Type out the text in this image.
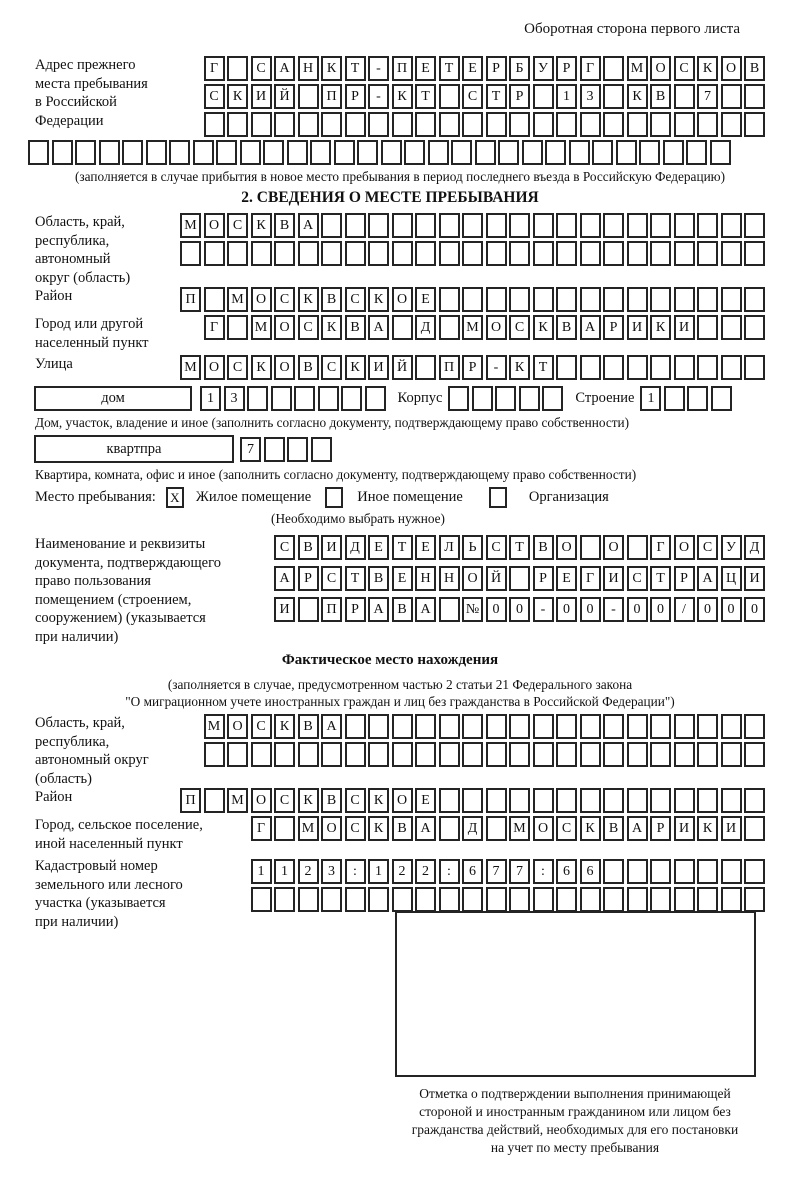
Оборотная сторона первого листа
Адрес прежнего
места пребывания
в Российской
Федерации
Г	С А Н К	Т	-	П	Е	Т	Е	Р	Б	У	Р	Г	М О С	К О В
С	К И Й	П	Р	-	К	Т	С	Т	Р	1	3	К	В	7
(заполняется в случае прибытия в новое место пребывания в период последнего въезда в Российскую Федерацию)
2. СВЕДЕНИЯ О МЕСТЕ ПРЕБЫВАНИЯ
Область, край,
республика,
автономный
округ (область)
М О С	К	В А
Район	П	М О С	К	В	С	К О	Е
Город или другой
населенный пункт
Г	М О С	К	В А	Д	М О С	К	В А	Р	И К И
Улица	М О С	К О В	С	К И Й	П	Р	-	К	Т
дом	1	3	Корпус	Строение 1
Дом, участок, владение и иное (заполнить согласно документу, подтверждающему право собственности)
квартпра	7
Квартира, комната, офис и иное (заполнить согласно документу, подтверждающему право собственности)
Место пребывания:	X Жилое помещение	Иное помещение	Организация
(Необходимо выбрать нужное)
Наименование и реквизиты
документа, подтверждающего
право пользования
помещением (строением,
сооружением) (указывается
при наличии)
С	В И Д	Е	Т	Е	Л	Ь	С	Т	В О	О	Г	О С У Д
А	Р	С	Т	В	Е	Н Н О Й	Р	Е	Г	И С	Т	Р	А Ц И
И	П	Р	А В А	№ 0	0	-	0	0	-	0	0	/	0	0	0
Фактическое место нахождения
(заполняется в случае, предусмотренном частью 2 статьи 21 Федерального закона
"О миграционном учете иностранных граждан и лиц без гражданства в Российской Федерации")
Область, край,
республика,
автономный округ
(область)
М О С	К	В А
Район	П	М О С	К	В	С	К О	Е
Город, сельское поселение,
иной населенный пункт
Г	М О С	К	В А	Д	М О С	К	В А	Р	И К И
Кадастровый номер
земельного или лесного
участка (указывается
при наличии)
1	1	2	3	:	1	2	2	:	6	7	7	:	6	6
Отметка о подтверждении выполнения принимающей
стороной и иностранным гражданином или лицом без
гражданства действий, необходимых для его постановки
на учет по месту пребывания
